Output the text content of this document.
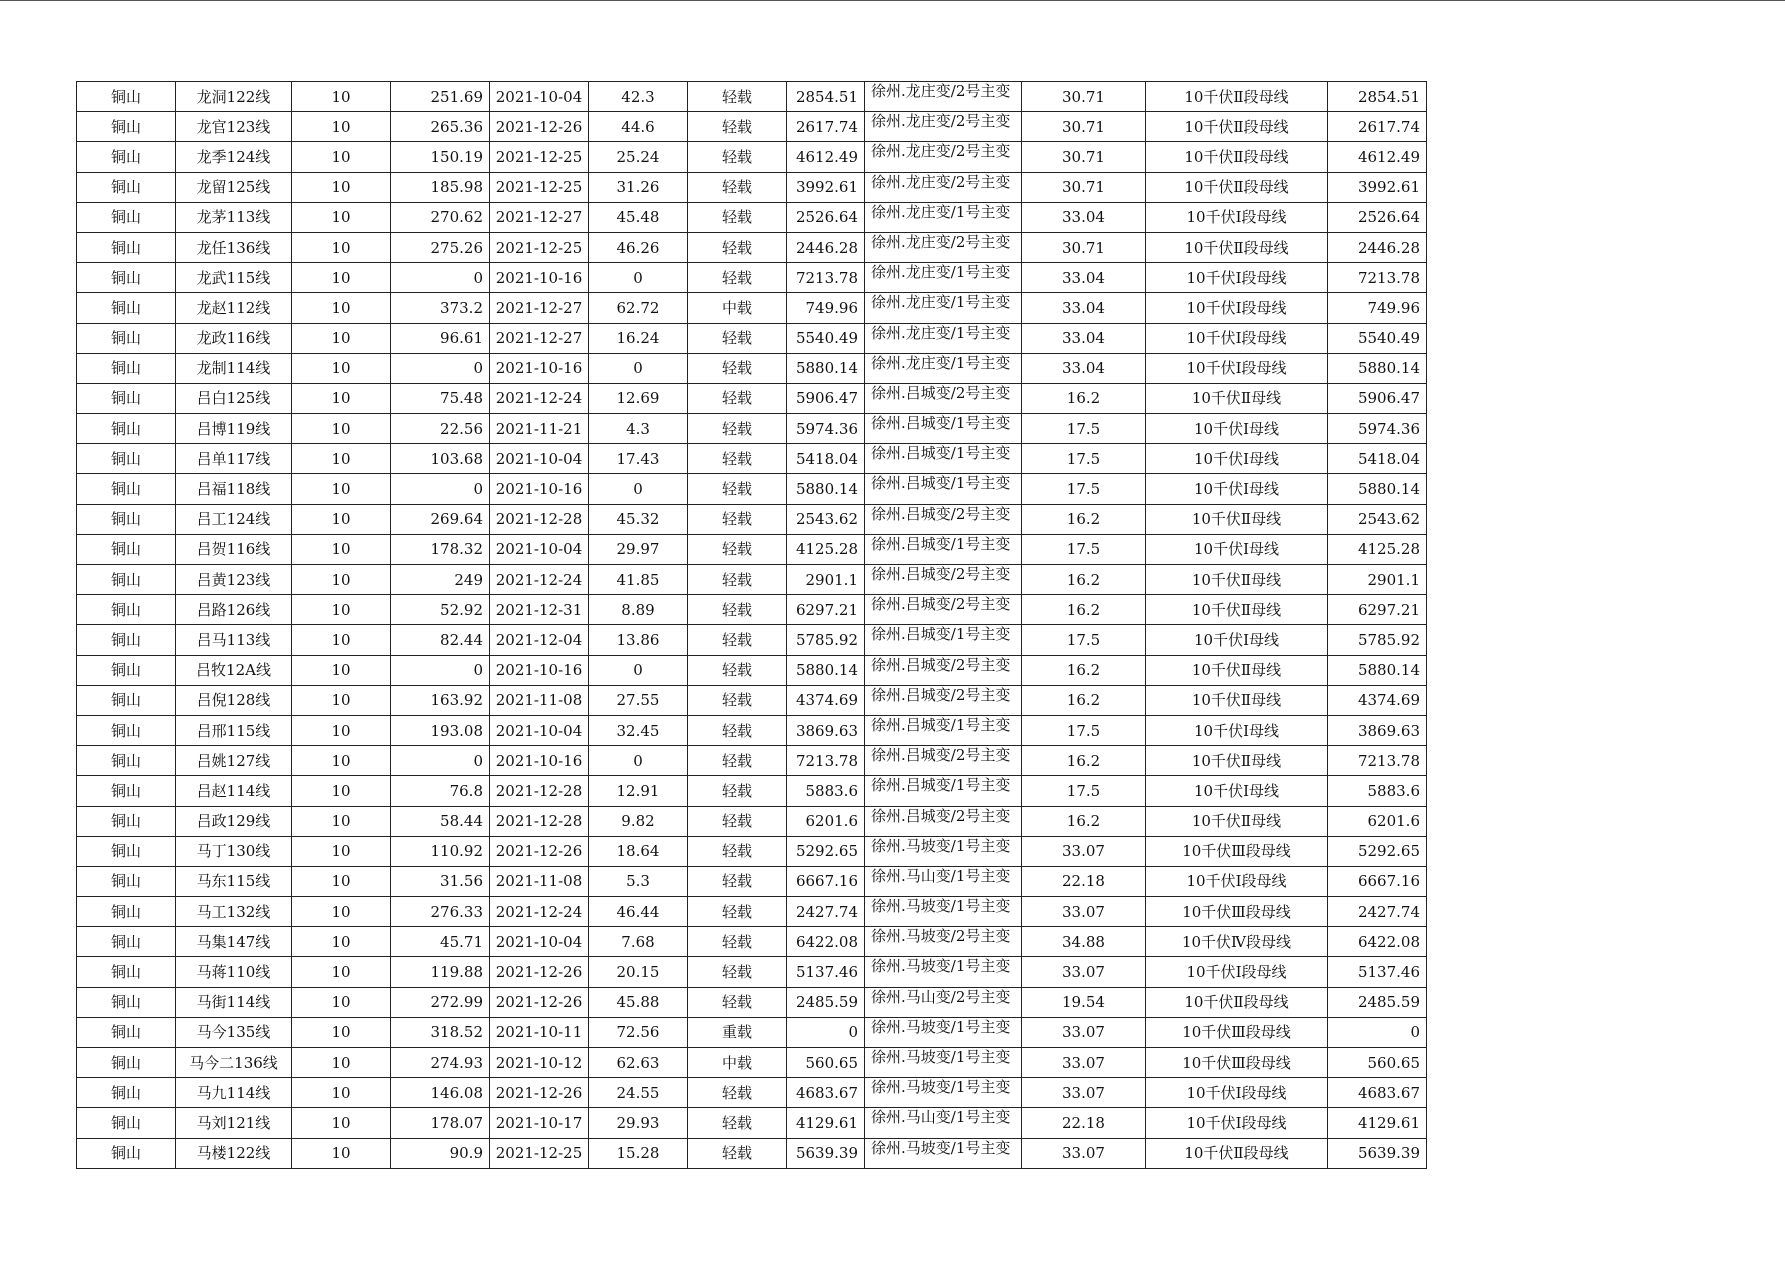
铜山	龙洞122线	10	251.69	2021-10-04	42.3	轻载	2854.51	徐州.龙庄变/2号主变	30.71	10千伏Ⅱ段母线	2854.51
铜山	龙官123线	10	265.36	2021-12-26	44.6	轻载	2617.74	徐州.龙庄变/2号主变	30.71	10千伏Ⅱ段母线	2617.74
铜山	龙季124线	10	150.19	2021-12-25	25.24	轻载	4612.49	徐州.龙庄变/2号主变	30.71	10千伏Ⅱ段母线	4612.49
铜山	龙留125线	10	185.98	2021-12-25	31.26	轻载	3992.61	徐州.龙庄变/2号主变	30.71	10千伏Ⅱ段母线	3992.61
铜山	龙茅113线	10	270.62	2021-12-27	45.48	轻载	2526.64	徐州.龙庄变/1号主变	33.04	10千伏Ⅰ段母线	2526.64
铜山	龙任136线	10	275.26	2021-12-25	46.26	轻载	2446.28	徐州.龙庄变/2号主变	30.71	10千伏Ⅱ段母线	2446.28
铜山	龙武115线	10	0	2021-10-16	0	轻载	7213.78	徐州.龙庄变/1号主变	33.04	10千伏Ⅰ段母线	7213.78
铜山	龙赵112线	10	373.2	2021-12-27	62.72	中载	749.96	徐州.龙庄变/1号主变	33.04	10千伏Ⅰ段母线	749.96
铜山	龙政116线	10	96.61	2021-12-27	16.24	轻载	5540.49	徐州.龙庄变/1号主变	33.04	10千伏Ⅰ段母线	5540.49
铜山	龙制114线	10	0	2021-10-16	0	轻载	5880.14	徐州.龙庄变/1号主变	33.04	10千伏Ⅰ段母线	5880.14
铜山	吕白125线	10	75.48	2021-12-24	12.69	轻载	5906.47	徐州.吕城变/2号主变	16.2	10千伏Ⅱ母线	5906.47
铜山	吕博119线	10	22.56	2021-11-21	4.3	轻载	5974.36	徐州.吕城变/1号主变	17.5	10千伏Ⅰ母线	5974.36
铜山	吕单117线	10	103.68	2021-10-04	17.43	轻载	5418.04	徐州.吕城变/1号主变	17.5	10千伏Ⅰ母线	5418.04
铜山	吕福118线	10	0	2021-10-16	0	轻载	5880.14	徐州.吕城变/1号主变	17.5	10千伏Ⅰ母线	5880.14
铜山	吕工124线	10	269.64	2021-12-28	45.32	轻载	2543.62	徐州.吕城变/2号主变	16.2	10千伏Ⅱ母线	2543.62
铜山	吕贺116线	10	178.32	2021-10-04	29.97	轻载	4125.28	徐州.吕城变/1号主变	17.5	10千伏Ⅰ母线	4125.28
铜山	吕黄123线	10	249	2021-12-24	41.85	轻载	2901.1	徐州.吕城变/2号主变	16.2	10千伏Ⅱ母线	2901.1
铜山	吕路126线	10	52.92	2021-12-31	8.89	轻载	6297.21	徐州.吕城变/2号主变	16.2	10千伏Ⅱ母线	6297.21
铜山	吕马113线	10	82.44	2021-12-04	13.86	轻载	5785.92	徐州.吕城变/1号主变	17.5	10千伏Ⅰ母线	5785.92
铜山	吕牧12A线	10	0	2021-10-16	0	轻载	5880.14	徐州.吕城变/2号主变	16.2	10千伏Ⅱ母线	5880.14
铜山	吕倪128线	10	163.92	2021-11-08	27.55	轻载	4374.69	徐州.吕城变/2号主变	16.2	10千伏Ⅱ母线	4374.69
铜山	吕邢115线	10	193.08	2021-10-04	32.45	轻载	3869.63	徐州.吕城变/1号主变	17.5	10千伏Ⅰ母线	3869.63
铜山	吕姚127线	10	0	2021-10-16	0	轻载	7213.78	徐州.吕城变/2号主变	16.2	10千伏Ⅱ母线	7213.78
铜山	吕赵114线	10	76.8	2021-12-28	12.91	轻载	5883.6	徐州.吕城变/1号主变	17.5	10千伏Ⅰ母线	5883.6
铜山	吕政129线	10	58.44	2021-12-28	9.82	轻载	6201.6	徐州.吕城变/2号主变	16.2	10千伏Ⅱ母线	6201.6
铜山	马丁130线	10	110.92	2021-12-26	18.64	轻载	5292.65	徐州.马坡变/1号主变	33.07	10千伏Ⅲ段母线	5292.65
铜山	马东115线	10	31.56	2021-11-08	5.3	轻载	6667.16	徐州.马山变/1号主变	22.18	10千伏Ⅰ段母线	6667.16
铜山	马工132线	10	276.33	2021-12-24	46.44	轻载	2427.74	徐州.马坡变/1号主变	33.07	10千伏Ⅲ段母线	2427.74
铜山	马集147线	10	45.71	2021-10-04	7.68	轻载	6422.08	徐州.马坡变/2号主变	34.88	10千伏Ⅳ段母线	6422.08
铜山	马蒋110线	10	119.88	2021-12-26	20.15	轻载	5137.46	徐州.马坡变/1号主变	33.07	10千伏Ⅰ段母线	5137.46
铜山	马街114线	10	272.99	2021-12-26	45.88	轻载	2485.59	徐州.马山变/2号主变	19.54	10千伏Ⅱ段母线	2485.59
铜山	马今135线	10	318.52	2021-10-11	72.56	重载	0	徐州.马坡变/1号主变	33.07	10千伏Ⅲ段母线	0
铜山	马今二136线	10	274.93	2021-10-12	62.63	中载	560.65	徐州.马坡变/1号主变	33.07	10千伏Ⅲ段母线	560.65
铜山	马九114线	10	146.08	2021-12-26	24.55	轻载	4683.67	徐州.马坡变/1号主变	33.07	10千伏Ⅰ段母线	4683.67
铜山	马刘121线	10	178.07	2021-10-17	29.93	轻载	4129.61	徐州.马山变/1号主变	22.18	10千伏Ⅰ段母线	4129.61
铜山	马楼122线	10	90.9	2021-12-25	15.28	轻载	5639.39	徐州.马坡变/1号主变	33.07	10千伏Ⅱ段母线	5639.39
